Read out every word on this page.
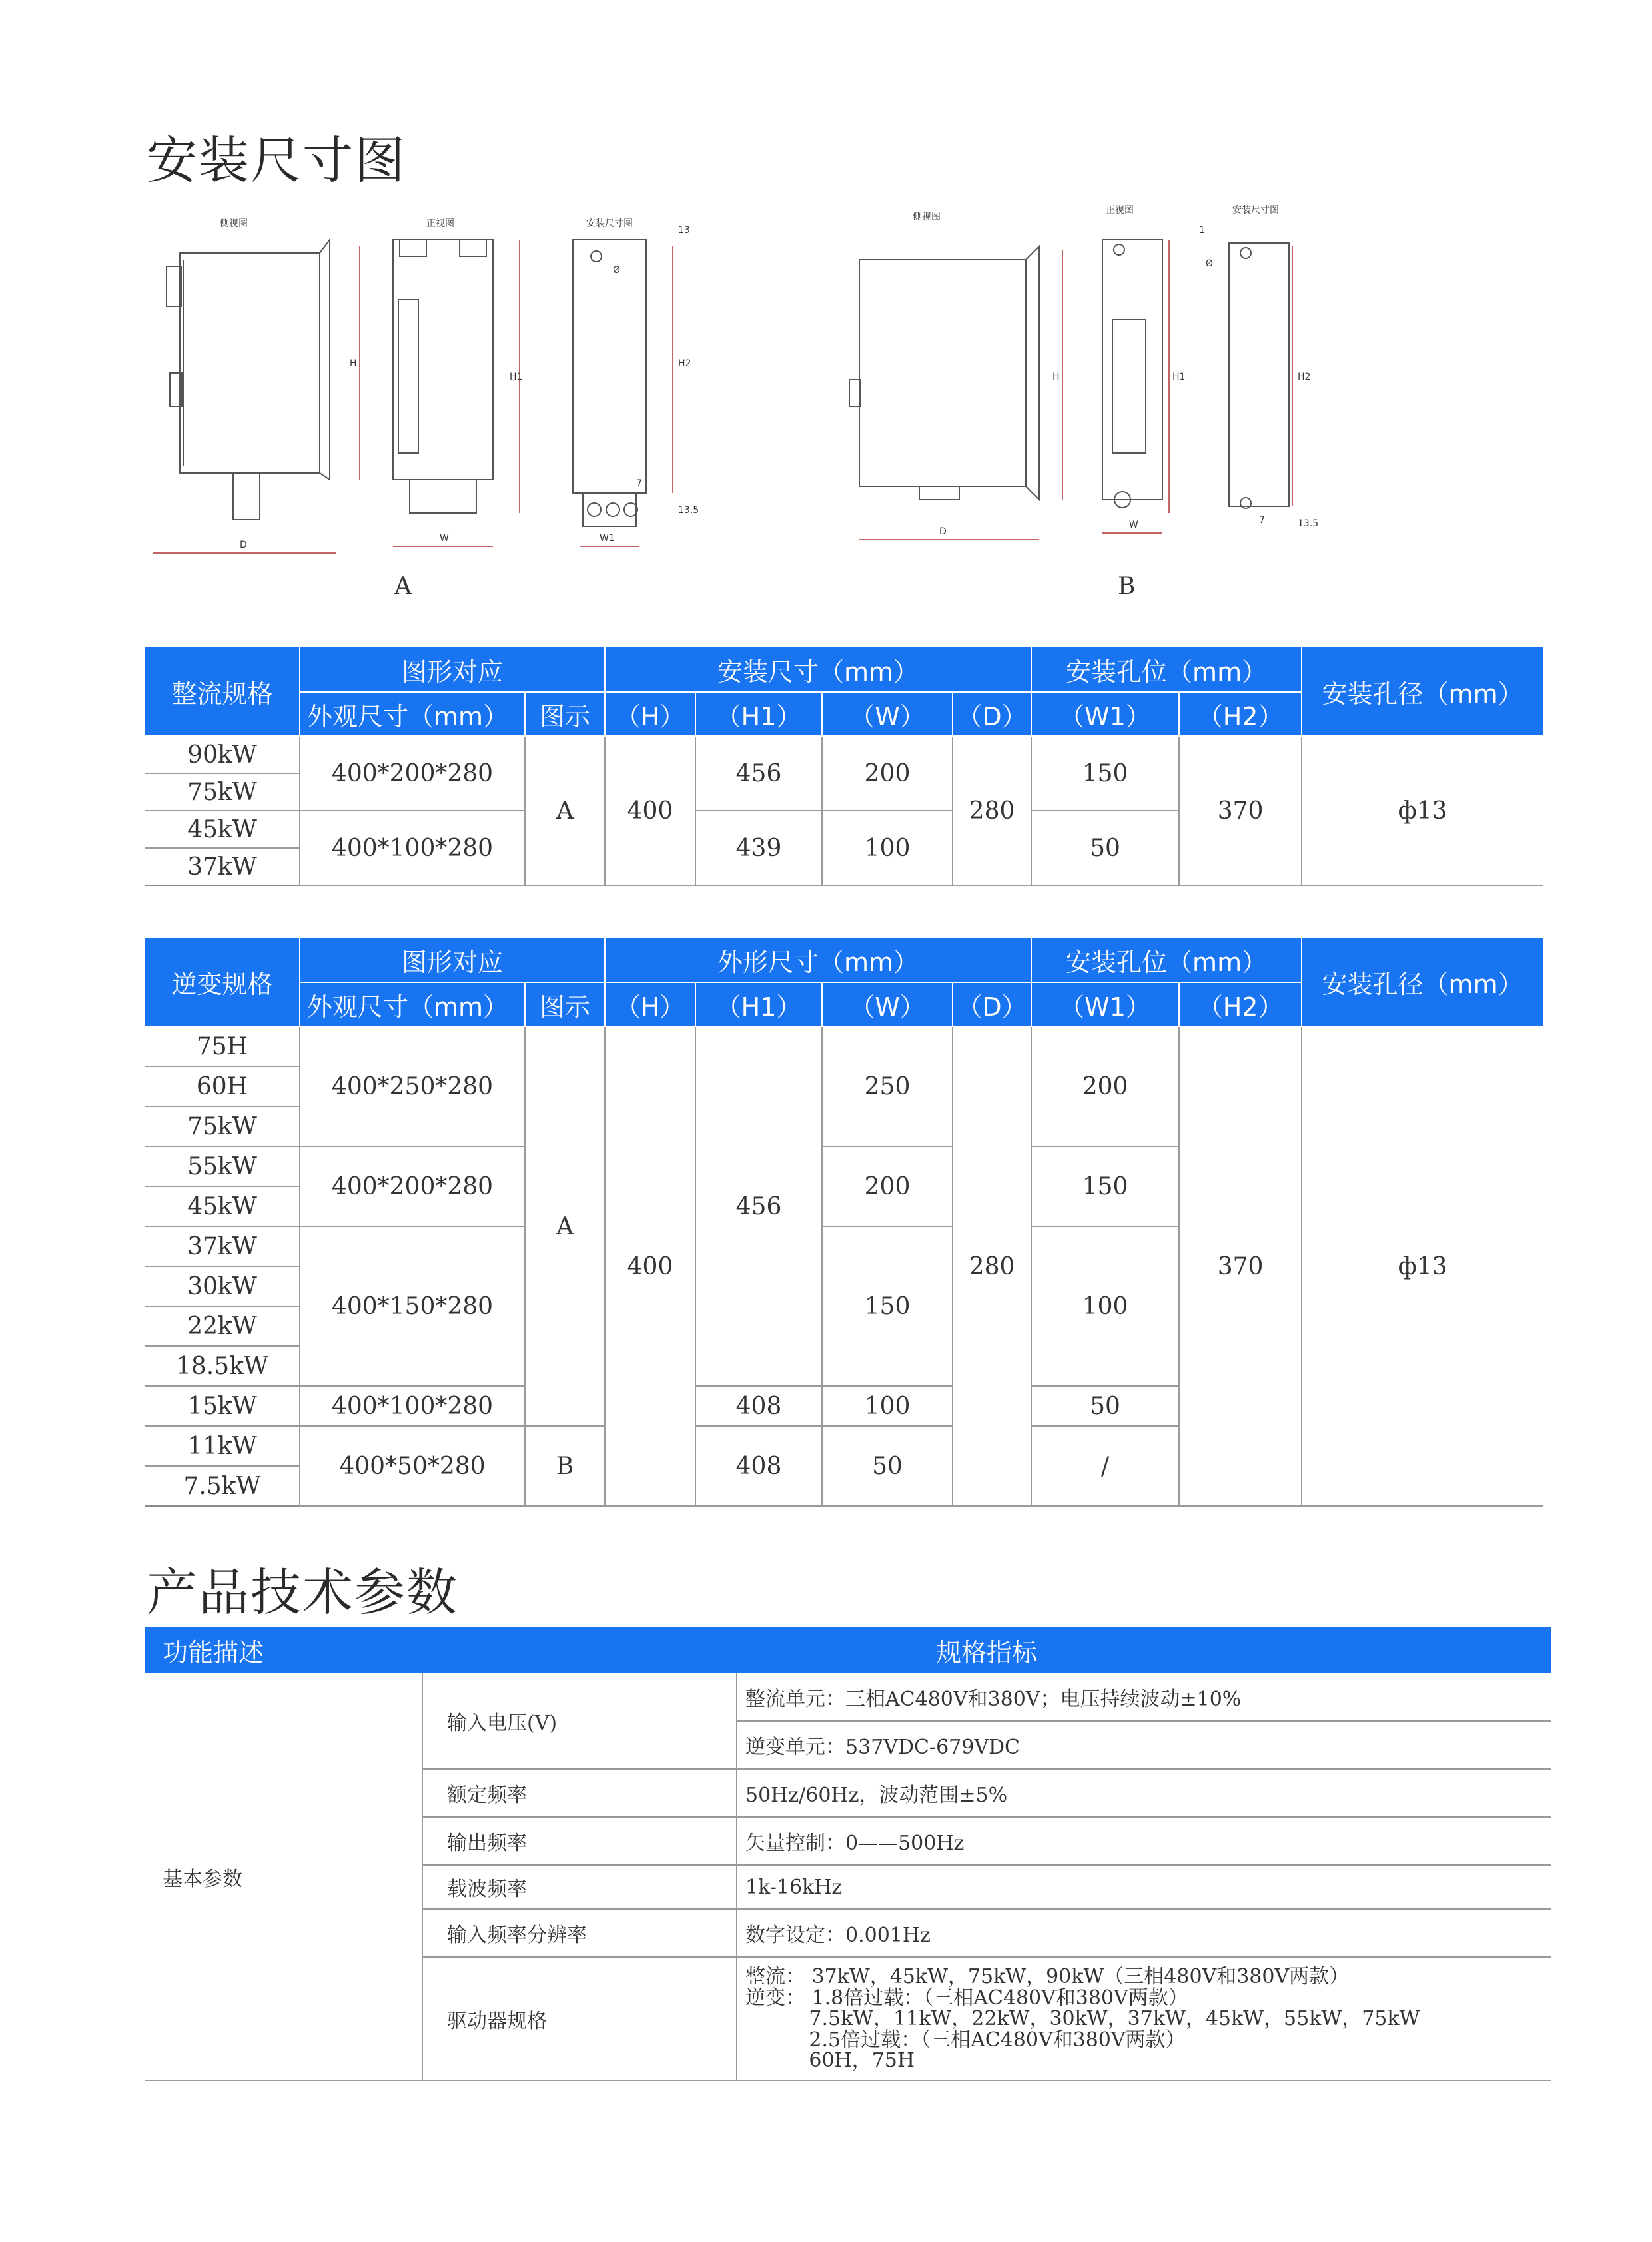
安装尺寸图
侧视图	正视图	安装尺寸图
D
H
H1
W	W1
H2
13
13.5
7
Ø
A
侧视图
正视图	安装尺寸图
D
H	H1
W
H2
1
13.5
7
Ø
B
整流规格	图形对应		安装尺寸（mm）				安装孔位（mm）		安装孔径（mm）
	外观尺寸（mm）	图示	（H）	（H1）	（W）	（D）	（W1）	（H2）	
90kW	400*200*280	A	400	456	200	280	150	370	ф13
75kW									
45kW	400*100*280			439	100		50		
37kW									
逆变规格	图形对应		外形尺寸（mm）				安装孔位（mm）		安装孔径（mm）
	外观尺寸（mm）	图示	（H）	（H1）	（W）	（D）	（W1）	（H2）	
75H	400*250*280	A	400	456	250	280	200	370	ф13
60H									
75kW									
55kW	400*200*280				200		150		
45kW									
37kW	400*150*280				150		100		
30kW									
22kW									
18.5kW									
15kW	400*100*280			408	100		50		
11kW	400*50*280	B		408	50		/		
7.5kW									
产品技术参数
功能描述	规格指标	
基本参数	输入电压(V)	整流单元：三相AC480V和380V；电压持续波动±10%
		逆变单元：537VDC-679VDC
	额定频率	50Hz/60Hz，波动范围±5%
	输出频率	矢量控制：0——500Hz
	载波频率	1k-16kHz
	输入频率分辨率	数字设定：0.001Hz
	驱动器规格	整流： 37kW，45kW，75kW，90kW（三相480V和380V两款）
逆变： 1.8倍过载：（三相AC480V和380V两款）
7.5kW，11kW，22kW，30kW，37kW，45kW，55kW，75kW
2.5倍过载：（三相AC480V和380V两款）
60H，75H
